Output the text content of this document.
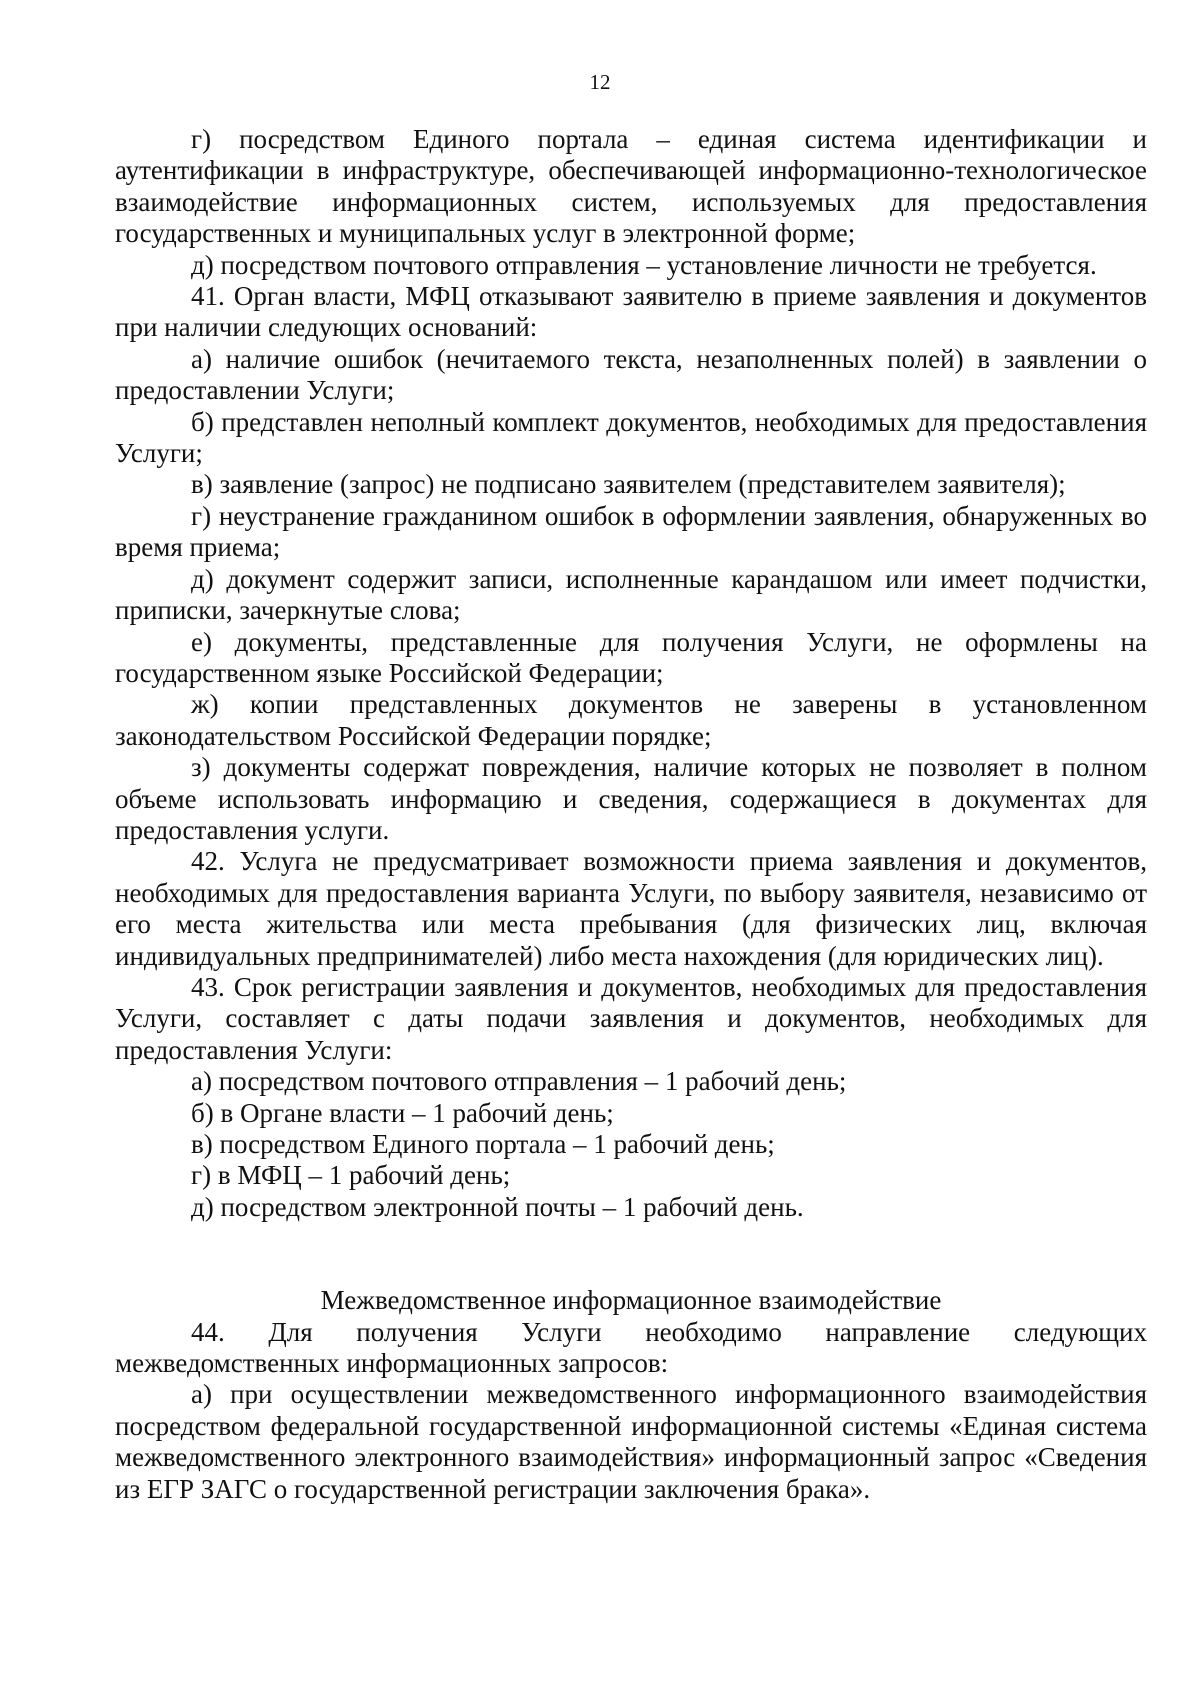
12

г) посредством Единого портала – единая система идентификации и аутентификации в инфраструктуре, обеспечивающей информационно-технологическое взаимодействие информационных систем, используемых для предоставления государственных и муниципальных услуг в электронной форме;

д) посредством почтового отправления – установление личности не требуется.

41. Орган власти, МФЦ отказывают заявителю в приеме заявления и документов при наличии следующих оснований:

а) наличие ошибок (нечитаемого текста, незаполненных полей) в заявлении о предоставлении Услуги;

б) представлен неполный комплект документов, необходимых для предоставления Услуги;

в) заявление (запрос) не подписано заявителем (представителем заявителя);

г) неустранение гражданином ошибок в оформлении заявления, обнаруженных во время приема;

д) документ содержит записи, исполненные карандашом или имеет подчистки, приписки, зачеркнутые слова;

е) документы, представленные для получения Услуги, не оформлены на государственном языке Российской Федерации;

ж) копии представленных документов не заверены в установленном законодательством Российской Федерации порядке;

з) документы содержат повреждения, наличие которых не позволяет в полном объеме использовать информацию и сведения, содержащиеся в документах для предоставления услуги.

42. Услуга не предусматривает возможности приема заявления и документов, необходимых для предоставления варианта Услуги, по выбору заявителя, независимо от его места жительства или места пребывания (для физических лиц, включая индивидуальных предпринимателей) либо места нахождения (для юридических лиц).

43. Срок регистрации заявления и документов, необходимых для предоставления Услуги, составляет с даты подачи заявления и документов, необходимых для предоставления Услуги:

а) посредством почтового отправления – 1 рабочий день;

б) в Органе власти – 1 рабочий день;

в) посредством Единого портала – 1 рабочий день;

г) в МФЦ – 1 рабочий день;

д) посредством электронной почты – 1 рабочий день.

Межведомственное информационное взаимодействие

44. Для получения Услуги необходимо направление следующих межведомственных информационных запросов:

а) при осуществлении межведомственного информационного взаимодействия посредством федеральной государственной информационной системы «Единая система межведомственного электронного взаимодействия» информационный запрос «Сведения из ЕГР ЗАГС о государственной регистрации заключения брака».
